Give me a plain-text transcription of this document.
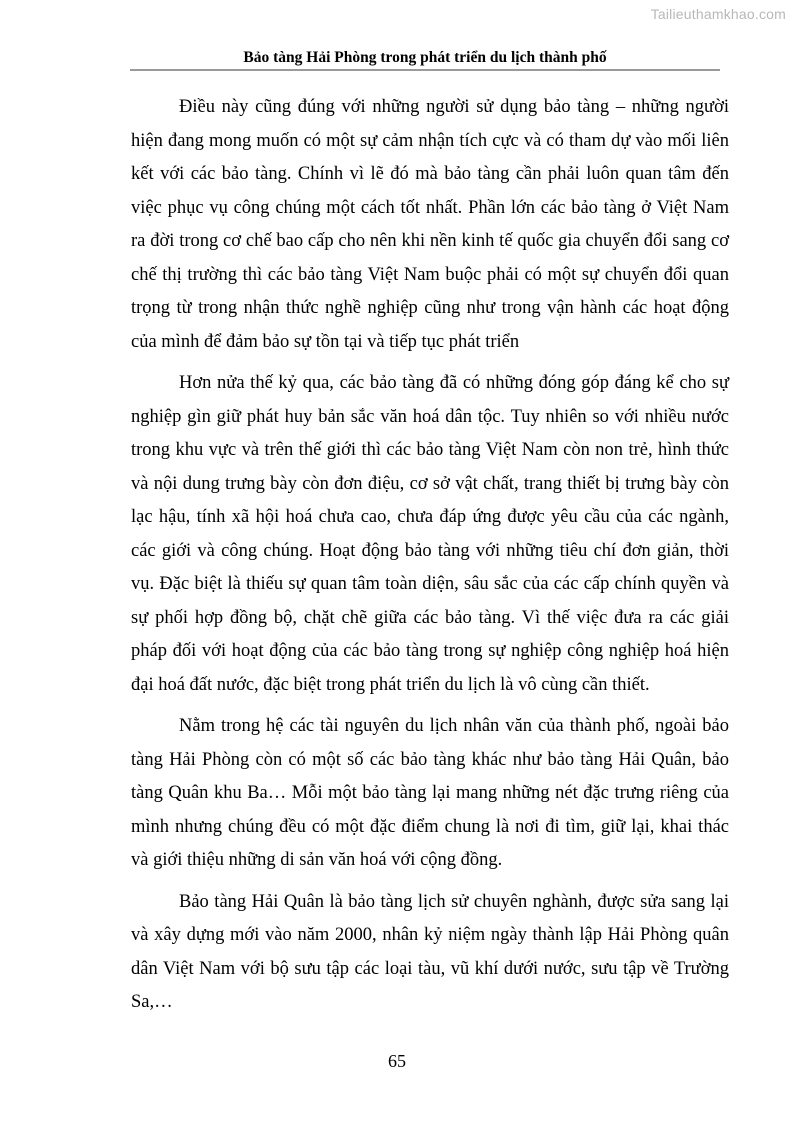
Tailieuthamkhao.com
Bảo tàng Hải Phòng trong phát triển du lịch thành phố

Điều này cũng đúng với những người sử dụng bảo tàng – những người hiện đang mong muốn có một sự cảm nhận tích cực và có tham dự vào mối liên kết với các bảo tàng. Chính vì lẽ đó mà bảo tàng cần phải luôn quan tâm đến việc phục vụ công chúng một cách tốt nhất. Phần lớn các bảo tàng ở Việt Nam ra đời trong cơ chế bao cấp cho nên khi nền kinh tế quốc gia chuyển đổi sang cơ chế thị trường thì các bảo tàng Việt Nam buộc phải có một sự chuyển đổi quan trọng từ trong nhận thức nghề nghiệp cũng như trong vận hành các hoạt động của mình để đảm bảo sự tồn tại và tiếp tục phát triển

Hơn nửa thế kỷ qua, các bảo tàng đã có những đóng góp đáng kể cho sự nghiệp gìn giữ phát huy bản sắc văn hoá dân tộc. Tuy nhiên so với nhiều nước trong khu vực và trên thế giới thì các bảo tàng Việt Nam còn non trẻ, hình thức và nội dung trưng bày còn đơn điệu, cơ sở vật chất, trang thiết bị trưng bày còn lạc hậu, tính xã hội hoá chưa cao, chưa đáp ứng được yêu cầu của các ngành, các giới và công chúng. Hoạt động bảo tàng với những tiêu chí đơn giản, thời vụ. Đặc biệt là thiếu sự quan tâm toàn diện, sâu sắc của các cấp chính quyền và sự phối hợp đồng bộ, chặt chẽ giữa các bảo tàng. Vì thế việc đưa ra các giải pháp đối với hoạt động của các bảo tàng trong sự nghiệp công nghiệp hoá hiện đại hoá đất nước, đặc biệt trong phát triển du lịch là vô cùng cần thiết.

Nằm trong hệ các tài nguyên du lịch nhân văn của thành phố, ngoài bảo tàng Hải Phòng còn có một số các bảo tàng khác như bảo tàng Hải Quân, bảo tàng Quân khu Ba… Mỗi một bảo tàng lại mang những nét đặc trưng riêng của mình nhưng chúng đều có một đặc điểm chung là nơi đi tìm, giữ lại, khai thác và giới thiệu những di sản văn hoá với cộng đồng.

Bảo tàng Hải Quân là bảo tàng lịch sử chuyên nghành, được sửa sang lại và xây dựng mới vào năm 2000, nhân kỷ niệm ngày thành lập Hải Phòng quân dân Việt Nam với bộ sưu tập các loại tàu, vũ khí dưới nước, sưu tập về Trường Sa,…

65
